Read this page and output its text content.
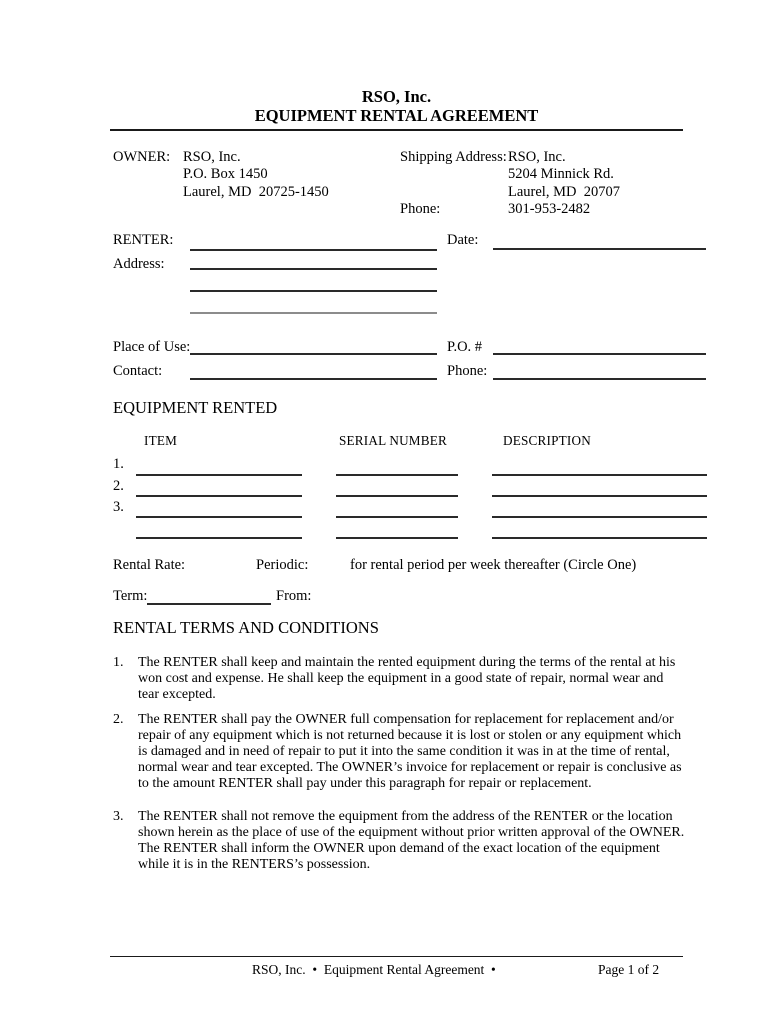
RSO, Inc.
EQUIPMENT RENTAL AGREEMENT
OWNER: RSO, Inc.
P.O. Box 1450
Laurel, MD  20725-1450
Shipping Address: RSO, Inc.
5204 Minnick Rd.
Laurel, MD  20707
Phone:	301-953-2482
RENTER:	Date:
Address:
Place of Use:	P.O. #
Contact:	Phone:
EQUIPMENT RENTED
ITEM	SERIAL NUMBER	DESCRIPTION
1.
2.
3.
Rental Rate:	Periodic:	for rental period per week thereafter (Circle One)
Term:	From:
RENTAL TERMS AND CONDITIONS
1.	The RENTER shall keep and maintain the rented equipment during the terms of the rental at his won cost and expense. He shall keep the equipment in a good state of repair, normal wear and tear excepted.
2.	The RENTER shall pay the OWNER full compensation for replacement for replacement and/or repair of any equipment which is not returned because it is lost or stolen or any equipment which is damaged and in need of repair to put it into the same condition it was in at the time of rental, normal wear and tear excepted. The OWNER’s invoice for replacement or repair is conclusive as to the amount RENTER shall pay under this paragraph for repair or replacement.
3.	The RENTER shall not remove the equipment from the address of the RENTER or the location shown herein as the place of use of the equipment without prior written approval of the OWNER. The RENTER shall inform the OWNER upon demand of the exact location of the equipment while it is in the RENTERS’s possession.
RSO, Inc.  •  Equipment Rental Agreement  •	Page 1 of 2
